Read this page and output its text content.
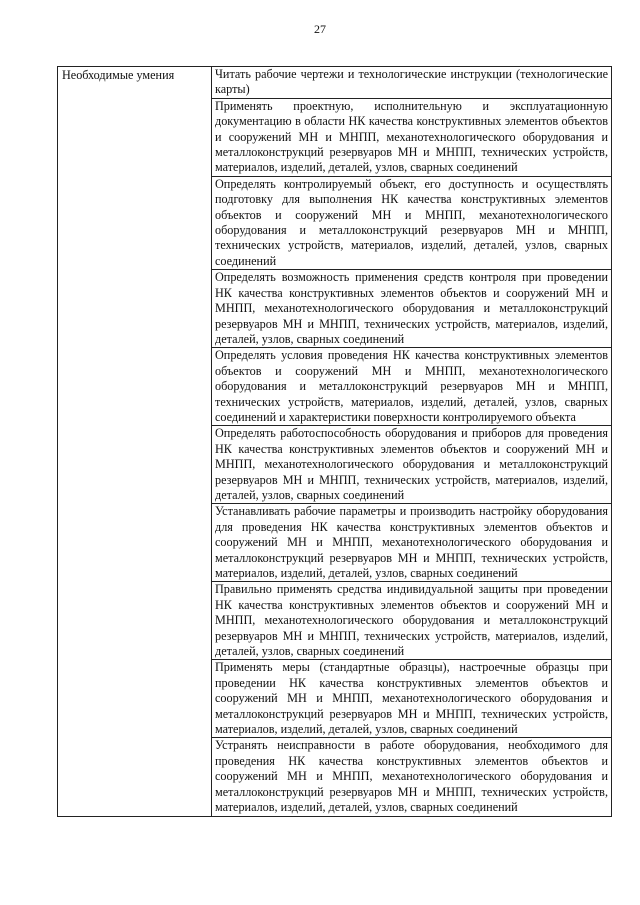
27
Необходимые умения	Читать рабочие чертежи и технологические инструкции (технологические карты)
Применять проектную, исполнительную и эксплуатационную документацию в области НК качества конструктивных элементов объектов и сооружений МН и МНПП, механотехнологического оборудования и металлоконструкций резервуаров МН и МНПП, технических устройств, материалов, изделий, деталей, узлов, сварных соединений
Определять контролируемый объект, его доступность и осуществлять подготовку для выполнения НК качества конструктивных элементов объектов и сооружений МН и МНПП, механотехнологического оборудования и металлоконструкций резервуаров МН и МНПП, технических устройств, материалов, изделий, деталей, узлов, сварных соединений
Определять возможность применения средств контроля при проведении НК качества конструктивных элементов объектов и сооружений МН и МНПП, механотехнологического оборудования и металлоконструкций резервуаров МН и МНПП, технических устройств, материалов, изделий, деталей, узлов, сварных соединений
Определять условия проведения НК качества конструктивных элементов объектов и сооружений МН и МНПП, механотехнологического оборудования и металлоконструкций резервуаров МН и МНПП, технических устройств, материалов, изделий, деталей, узлов, сварных соединений и характеристики поверхности контролируемого объекта
Определять работоспособность оборудования и приборов для проведения НК качества конструктивных элементов объектов и сооружений МН и МНПП, механотехнологического оборудования и металлоконструкций резервуаров МН и МНПП, технических устройств, материалов, изделий, деталей, узлов, сварных соединений
Устанавливать рабочие параметры и производить настройку оборудования для проведения НК качества конструктивных элементов объектов и сооружений МН и МНПП, механотехнологического оборудования и металлоконструкций резервуаров МН и МНПП, технических устройств, материалов, изделий, деталей, узлов, сварных соединений
Правильно применять средства индивидуальной защиты при проведении НК качества конструктивных элементов объектов и сооружений МН и МНПП, механотехнологического оборудования и металлоконструкций резервуаров МН и МНПП, технических устройств, материалов, изделий, деталей, узлов, сварных соединений
Применять меры (стандартные образцы), настроечные образцы при проведении НК качества конструктивных элементов объектов и сооружений МН и МНПП, механотехнологического оборудования и металлоконструкций резервуаров МН и МНПП, технических устройств, материалов, изделий, деталей, узлов, сварных соединений
Устранять неисправности в работе оборудования, необходимого для проведения НК качества конструктивных элементов объектов и сооружений МН и МНПП, механотехнологического оборудования и металлоконструкций резервуаров МН и МНПП, технических устройств, материалов, изделий, деталей, узлов, сварных соединений
